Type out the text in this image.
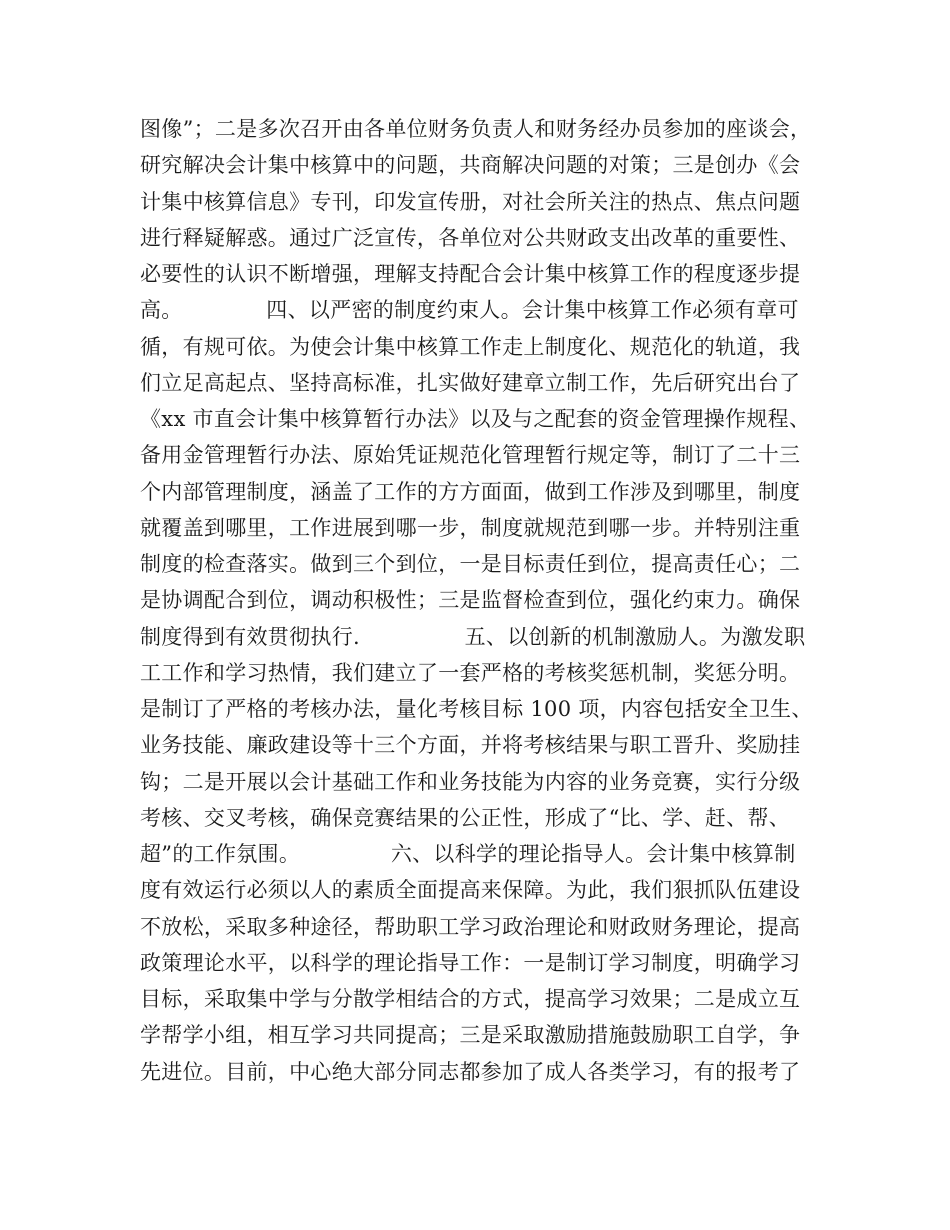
图像”；二是多次召开由各单位财务负责人和财务经办员参加的座谈会，
研究解决会计集中核算中的问题，共商解决问题的对策；三是创办《会
计集中核算信息》专刊，印发宣传册，对社会所关注的热点、焦点问题
进行释疑解惑。通过广泛宣传，各单位对公共财政支出改革的重要性、
必要性的认识不断增强，理解支持配合会计集中核算工作的程度逐步提
高。            四、以严密的制度约束人。会计集中核算工作必须有章可
循，有规可依。为使会计集中核算工作走上制度化、规范化的轨道，我
们立足高起点、坚持高标准，扎实做好建章立制工作，先后研究出台了
《xx 市直会计集中核算暂行办法》以及与之配套的资金管理操作规程、
备用金管理暂行办法、原始凭证规范化管理暂行规定等，制订了二十三
个内部管理制度，涵盖了工作的方方面面，做到工作涉及到哪里，制度
就覆盖到哪里，工作进展到哪一步，制度就规范到哪一步。并特别注重
制度的检查落实。做到三个到位，一是目标责任到位，提高责任心；二
是协调配合到位，调动积极性；三是监督检查到位，强化约束力。确保
制度得到有效贯彻执行.               五、以创新的机制激励人。为激发职
工工作和学习热情，我们建立了一套严格的考核奖惩机制，奖惩分明。
是制订了严格的考核办法，量化考核目标 100 项，内容包括安全卫生、
业务技能、廉政建设等十三个方面，并将考核结果与职工晋升、奖励挂
钩；二是开展以会计基础工作和业务技能为内容的业务竞赛，实行分级
考核、交叉考核，确保竞赛结果的公正性，形成了“比、学、赶、帮、
超”的工作氛围。             六、以科学的理论指导人。会计集中核算制
度有效运行必须以人的素质全面提高来保障。为此，我们狠抓队伍建设
不放松，采取多种途径，帮助职工学习政治理论和财政财务理论，提高
政策理论水平，以科学的理论指导工作：一是制订学习制度，明确学习
目标，采取集中学与分散学相结合的方式，提高学习效果；二是成立互
学帮学小组，相互学习共同提高；三是采取激励措施鼓励职工自学，争
先进位。目前，中心绝大部分同志都参加了成人各类学习，有的报考了
